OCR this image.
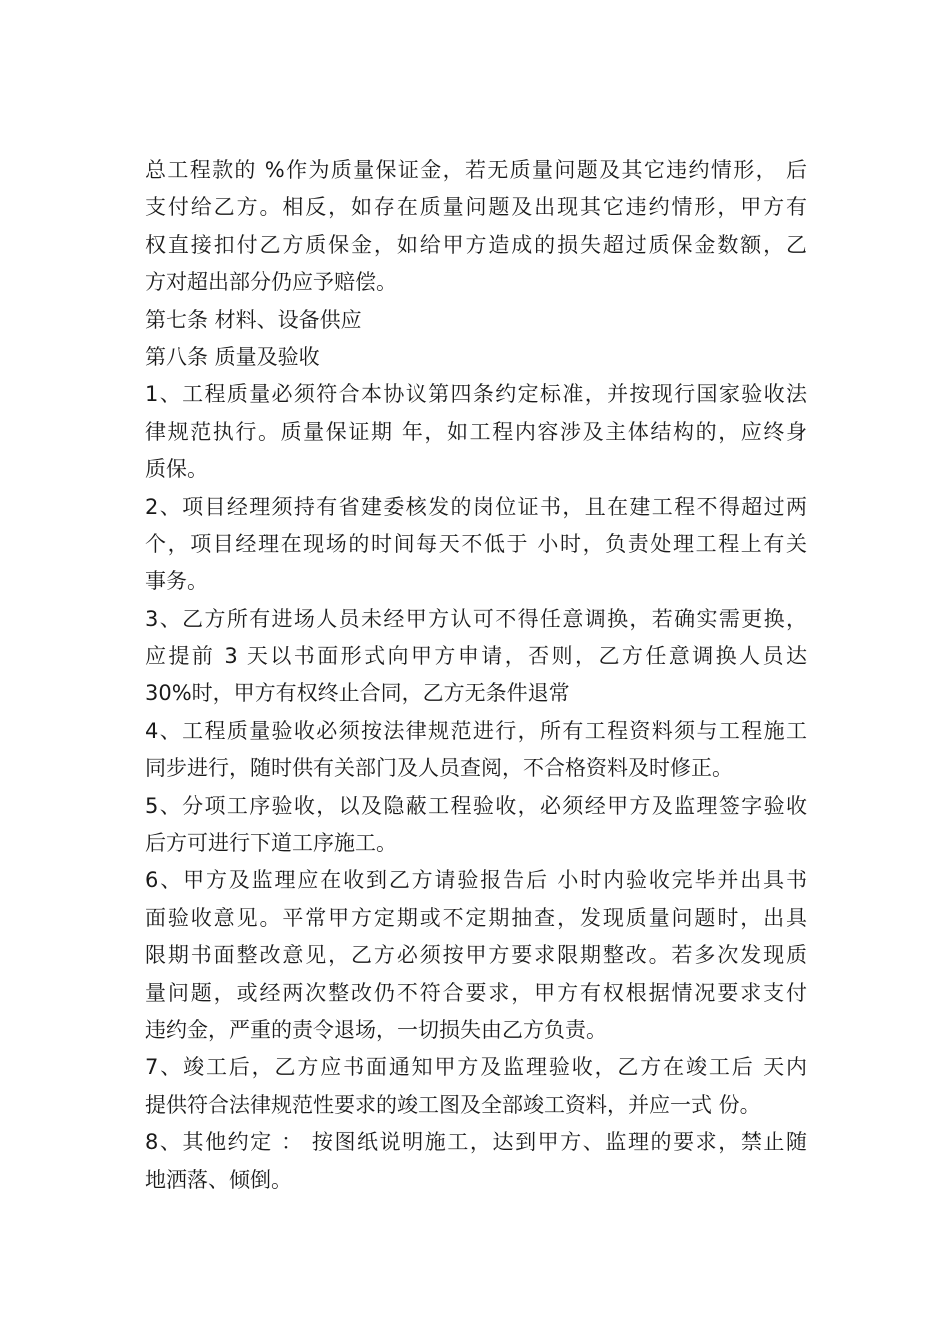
总工程款的 %作为质量保证金，若无质量问题及其它违约情形， 后
支付给乙方。相反，如存在质量问题及出现其它违约情形，甲方有
权直接扣付乙方质保金，如给甲方造成的损失超过质保金数额，乙
方对超出部分仍应予赔偿。
第七条 材料、设备供应
第八条 质量及验收
1、工程质量必须符合本协议第四条约定标准，并按现行国家验收法
律规范执行。质量保证期 年，如工程内容涉及主体结构的，应终身
质保。
2、项目经理须持有省建委核发的岗位证书，且在建工程不得超过两
个，项目经理在现场的时间每天不低于 小时，负责处理工程上有关
事务。
3、乙方所有进场人员未经甲方认可不得任意调换，若确实需更换，
应提前 3 天以书面形式向甲方申请，否则，乙方任意调换人员达
30%时，甲方有权终止合同，乙方无条件退常
4、工程质量验收必须按法律规范进行，所有工程资料须与工程施工
同步进行，随时供有关部门及人员查阅，不合格资料及时修正。
5、分项工序验收，以及隐蔽工程验收，必须经甲方及监理签字验收
后方可进行下道工序施工。
6、甲方及监理应在收到乙方请验报告后 小时内验收完毕并出具书
面验收意见。平常甲方定期或不定期抽查，发现质量问题时，出具
限期书面整改意见，乙方必须按甲方要求限期整改。若多次发现质
量问题，或经两次整改仍不符合要求，甲方有权根据情况要求支付
违约金，严重的责令退场，一切损失由乙方负责。
7、竣工后，乙方应书面通知甲方及监理验收，乙方在竣工后 天内
提供符合法律规范性要求的竣工图及全部竣工资料，并应一式 份。
8、其他约定 ： 按图纸说明施工，达到甲方、监理的要求，禁止随
地洒落、倾倒。
